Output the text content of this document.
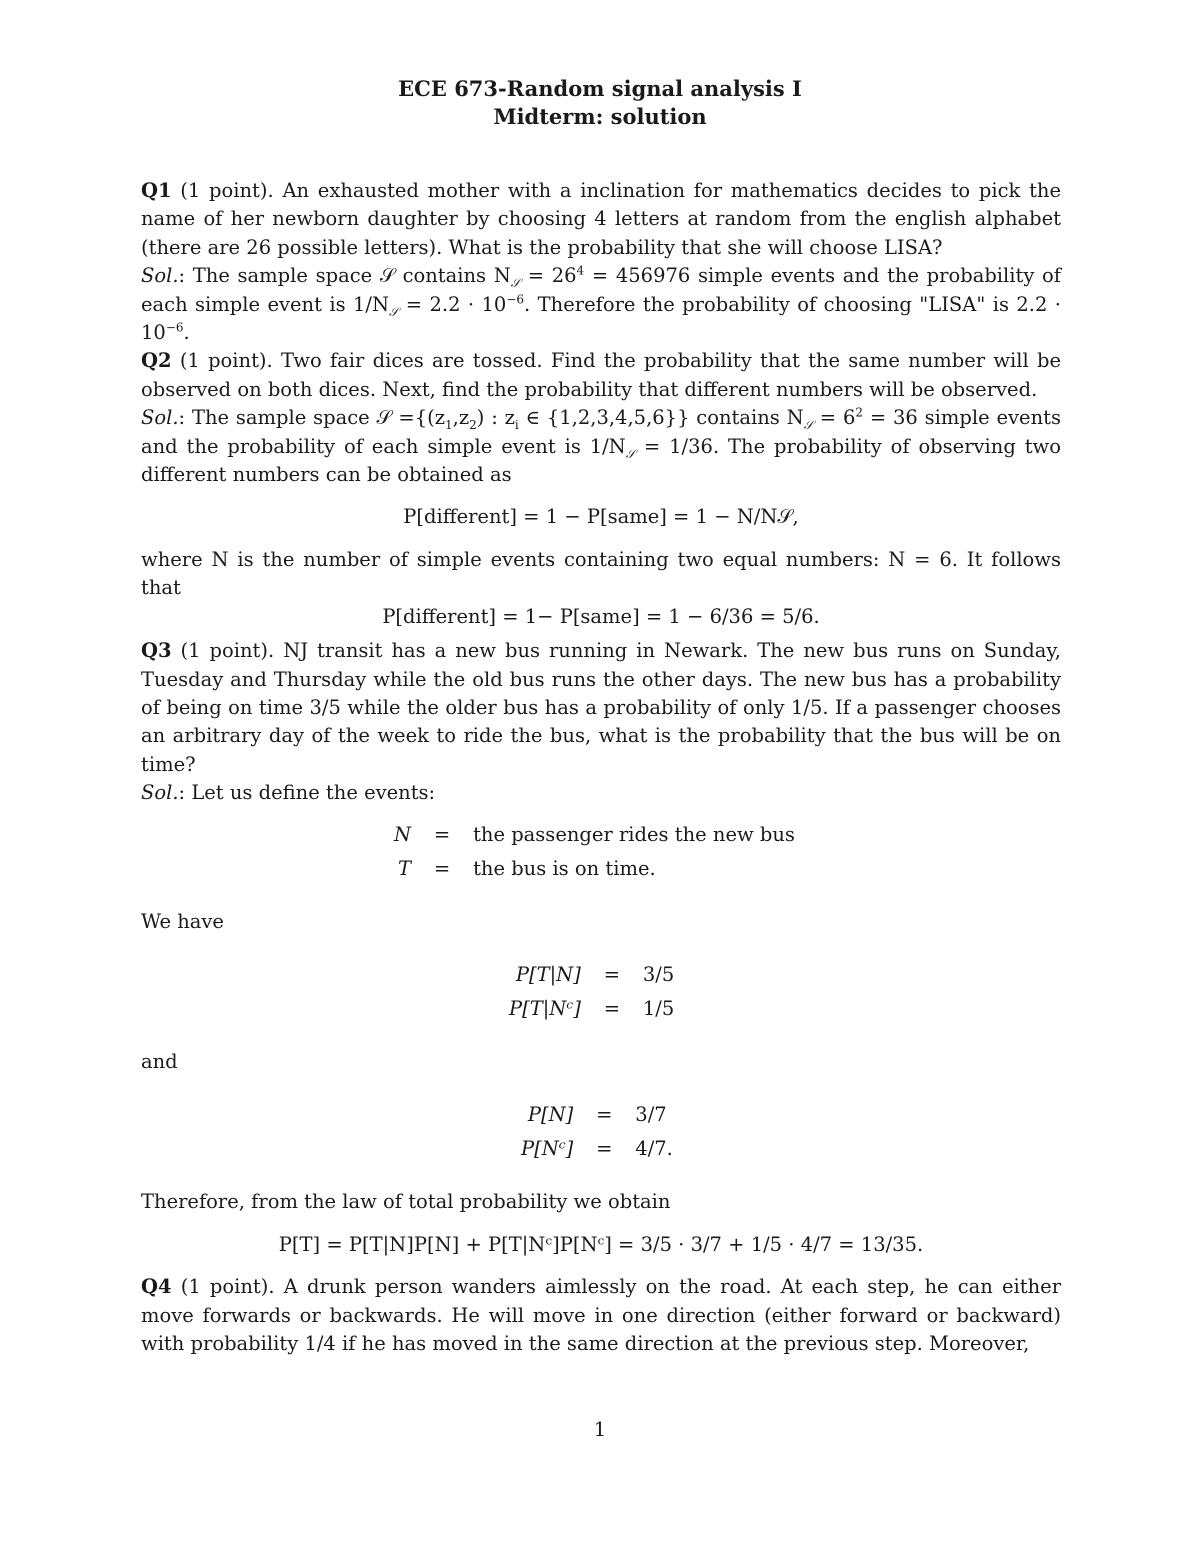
ECE 673-Random signal analysis I
Midterm: solution

Q1 (1 point). An exhausted mother with a inclination for mathematics decides to pick the name of her newborn daughter by choosing 4 letters at random from the english alphabet (there are 26 possible letters). What is the probability that she will choose LISA?

Sol.: The sample space 𝒮 contains $N_𝒮 = 26^4 = 456976$ simple events and the probability of each simple event is $1/N_𝒮 = 2.2 \cdot 10^{-6}$. Therefore the probability of choosing "LISA" is $2.2 \cdot 10^{-6}$.

Q2 (1 point). Two fair dices are tossed. Find the probability that the same number will be observed on both dices. Next, find the probability that different numbers will be observed.

Sol.: The sample space 𝒮 $=\{(z_1,z_2)$ : $z_i$ ∈ {1,2,3,4,5,6}} contains $N_𝒮 = 6^2 = 36$ simple events and the probability of each simple event is $1/N_𝒮 = 1/36$. The probability of observing two different numbers can be obtained as

P[different] = 1 − P[same] = 1 − N/N𝒮,

where N is the number of simple events containing two equal numbers: N = 6. It follows that

P[different] = 1− P[same] = 1 − 6/36 = 5/6.

Q3 (1 point). NJ transit has a new bus running in Newark. The new bus runs on Sunday, Tuesday and Thursday while the old bus runs the other days. The new bus has a probability of being on time 3/5 while the older bus has a probability of only 1/5. If a passenger chooses an arbitrary day of the week to ride the bus, what is the probability that the bus will be on time?

Sol.: Let us define the events:

N	=	the passenger rides the new bus
T	=	the bus is on time.

We have

P[T|N]	=	3/5
P[T|Nᶜ]	=	1/5

and

P[N]	=	3/7
P[Nᶜ]	=	4/7.

Therefore, from the law of total probability we obtain

P[T] = P[T|N]P[N] + P[T|Nᶜ]P[Nᶜ] = 3/5 · 3/7 + 1/5 · 4/7 = 13/35.

Q4 (1 point). A drunk person wanders aimlessly on the road. At each step, he can either move forwards or backwards. He will move in one direction (either forward or backward) with probability 1/4 if he has moved in the same direction at the previous step. Moreover,

1
